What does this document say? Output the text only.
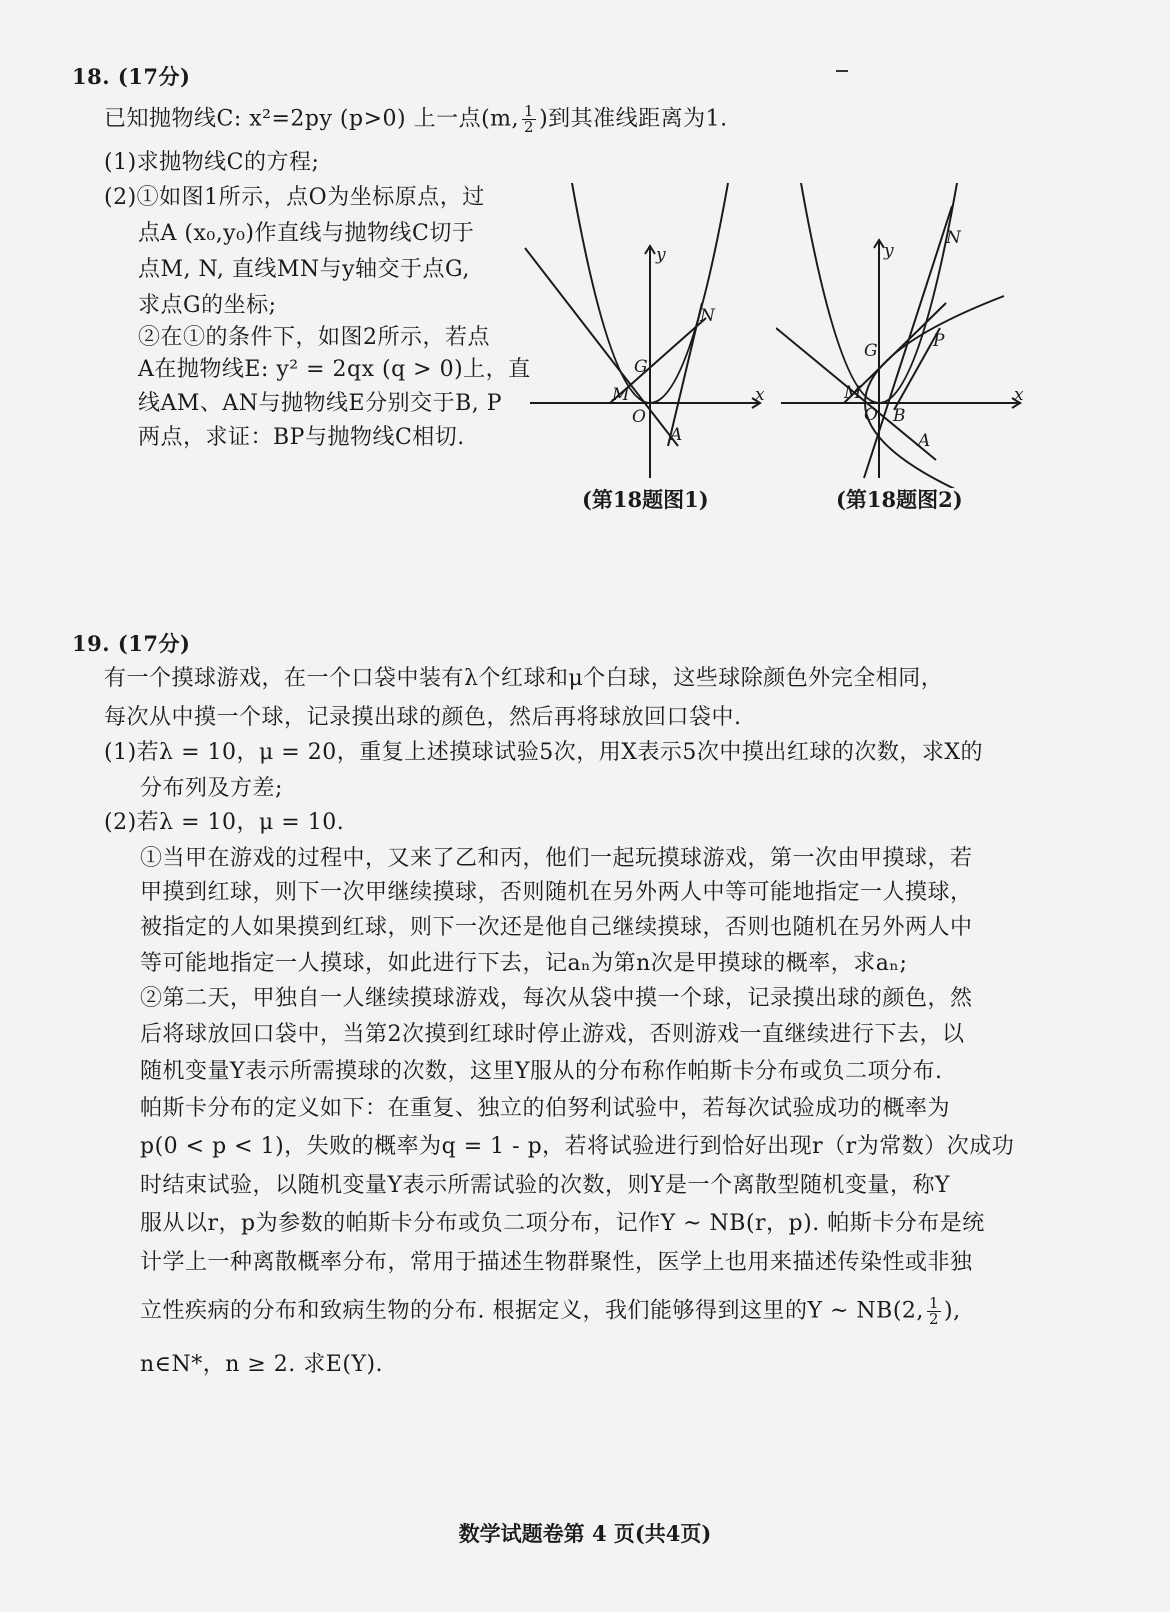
18. (17分)
已知抛物线C: x²=2py (p>0) 上一点(m, $\frac{1}{2}$ )到其准线距离为1.
(1)求抛物线C的方程;
(2)①如图1所示，点O为坐标原点，过
点A (x₀,y₀)作直线与抛物线C切于
点M, N, 直线MN与y轴交于点G,
求点G的坐标;
②在①的条件下，如图2所示，若点
A在抛物线E: y² = 2qx (q > 0)上，直
线AM、AN与抛物线E分别交于B, P
两点，求证：BP与抛物线C相切.
y
x
N
G
M
O
A
(第18题图1)
y
x
N
G	P
M
O B
A
(第18题图2)
19. (17分)
有一个摸球游戏，在一个口袋中装有λ个红球和μ个白球，这些球除颜色外完全相同，
每次从中摸一个球，记录摸出球的颜色，然后再将球放回口袋中.
(1)若λ = 10，μ = 20，重复上述摸球试验5次，用X表示5次中摸出红球的次数，求X的
分布列及方差;
(2)若λ = 10，μ = 10.
①当甲在游戏的过程中，又来了乙和丙，他们一起玩摸球游戏，第一次由甲摸球，若
甲摸到红球，则下一次甲继续摸球，否则随机在另外两人中等可能地指定一人摸球，
被指定的人如果摸到红球，则下一次还是他自己继续摸球，否则也随机在另外两人中
等可能地指定一人摸球，如此进行下去，记aₙ为第n次是甲摸球的概率，求aₙ;
②第二天，甲独自一人继续摸球游戏，每次从袋中摸一个球，记录摸出球的颜色，然
后将球放回口袋中，当第2次摸到红球时停止游戏，否则游戏一直继续进行下去，以
随机变量Y表示所需摸球的次数，这里Y服从的分布称作帕斯卡分布或负二项分布.
帕斯卡分布的定义如下：在重复、独立的伯努利试验中，若每次试验成功的概率为
p(0 < p < 1)，失败的概率为q = 1 - p，若将试验进行到恰好出现r（r为常数）次成功
时结束试验，以随机变量Y表示所需试验的次数，则Y是一个离散型随机变量，称Y
服从以r，p为参数的帕斯卡分布或负二项分布，记作Y ~ NB(r，p). 帕斯卡分布是统
计学上一种离散概率分布，常用于描述生物群聚性，医学上也用来描述传染性或非独
立性疾病的分布和致病生物的分布. 根据定义，我们能够得到这里的Y ~ NB(2, $\frac{1}{2}$ ),
n∈N*，n ≥ 2. 求E(Y).
数学试题卷第 4 页(共4页)
